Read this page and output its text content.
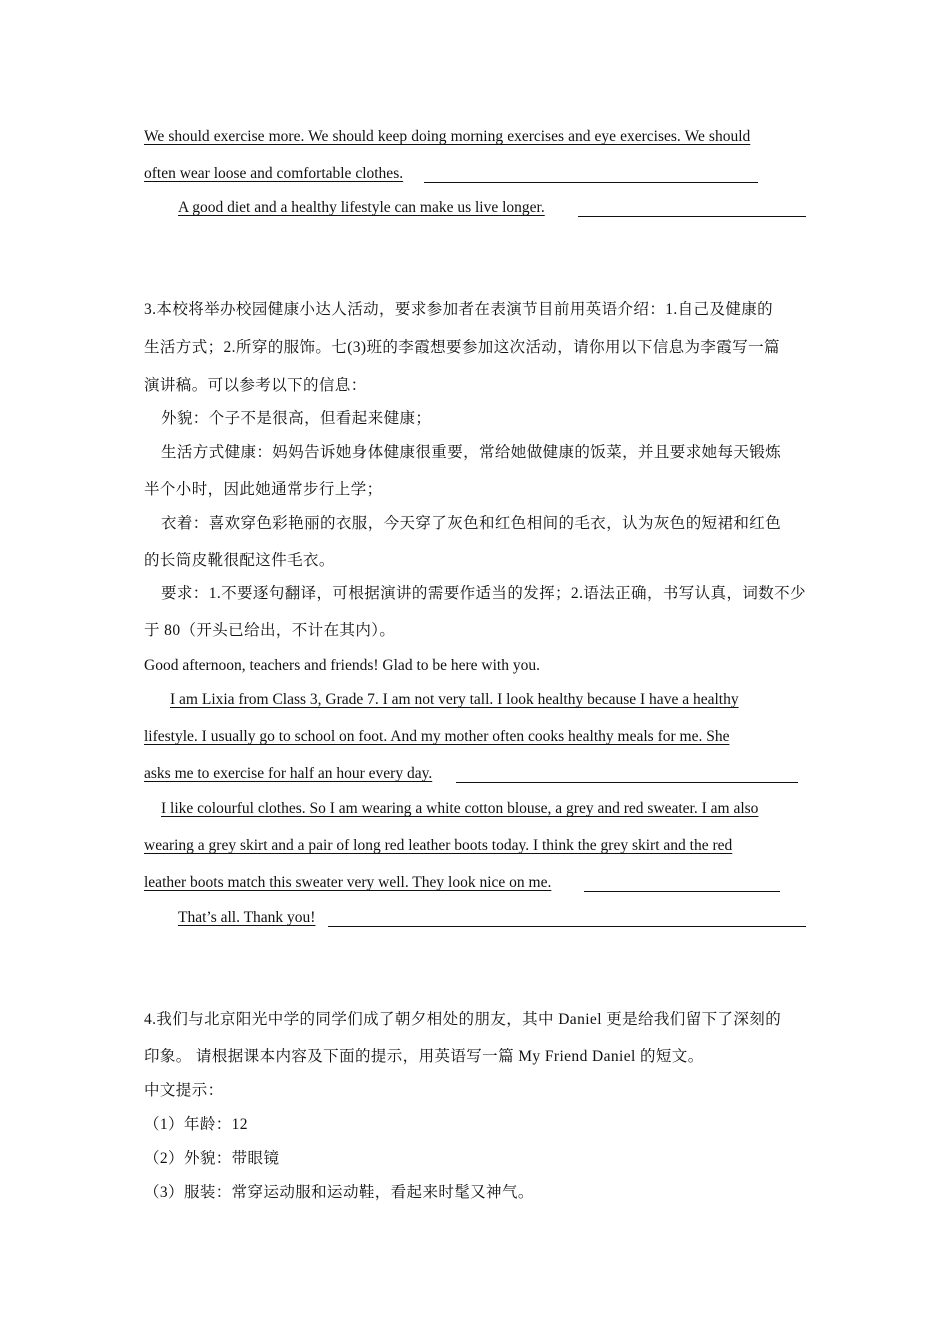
We should exercise more. We should keep doing morning exercises and eye exercises. We should
often wear loose and comfortable clothes.
A good diet and a healthy lifestyle can make us live longer.
3.本校将举办校园健康小达人活动，要求参加者在表演节目前用英语介绍：1.自己及健康的
生活方式；2.所穿的服饰。七(3)班的李霞想要参加这次活动，请你用以下信息为李霞写一篇
演讲稿。可以参考以下的信息：
外貌：个子不是很高，但看起来健康；
生活方式健康：妈妈告诉她身体健康很重要，常给她做健康的饭菜，并且要求她每天锻炼
半个小时，因此她通常步行上学；
衣着：喜欢穿色彩艳丽的衣服，今天穿了灰色和红色相间的毛衣，认为灰色的短裙和红色
的长筒皮靴很配这件毛衣。
要求：1.不要逐句翻译，可根据演讲的需要作适当的发挥；2.语法正确，书写认真，词数不少
于 80（开头已给出，不计在其内）。
Good afternoon, teachers and friends! Glad to be here with you.
I am Lixia from Class 3, Grade 7. I am not very tall. I look healthy because I have a healthy
lifestyle. I usually go to school on foot. And my mother often cooks healthy meals for me. She
asks me to exercise for half an hour every day.
I like colourful clothes. So I am wearing a white cotton blouse, a grey and red sweater. I am also
wearing a grey skirt and a pair of long red leather boots today. I think the grey skirt and the red
leather boots match this sweater very well. They look nice on me.
That’s all. Thank you!
4.我们与北京阳光中学的同学们成了朝夕相处的朋友，其中 Daniel 更是给我们留下了深刻的
印象。 请根据课本内容及下面的提示，用英语写一篇 My Friend Daniel 的短文。
中文提示：
（1）年龄：12
（2）外貌：带眼镜
（3）服装：常穿运动服和运动鞋，看起来时髦又神气。
